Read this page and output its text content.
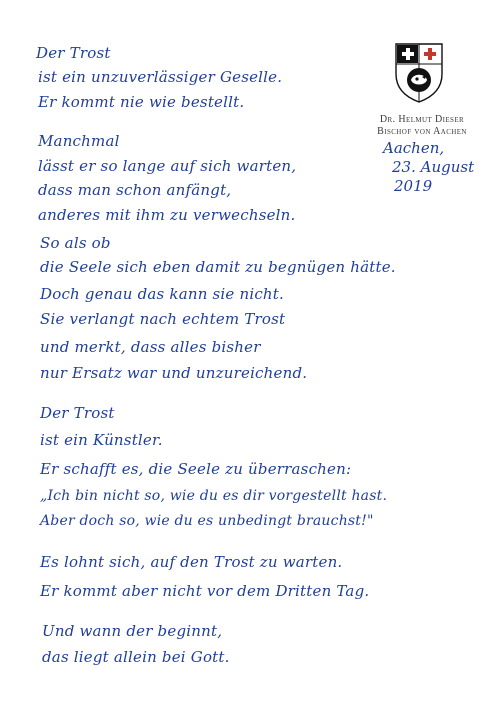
Dr. Helmut Dieser
Bischof von Aachen
Aachen,
23. August
2019
Der Trost
ist ein unzuverlässiger Geselle.
Er kommt nie wie bestellt.
Manchmal
lässt er so lange auf sich warten,
dass man schon anfängt,
anderes mit ihm zu verwechseln.
So als ob
die Seele sich eben damit zu begnügen hätte.
Doch genau das kann sie nicht.
Sie verlangt nach echtem Trost
und merkt, dass alles bisher
nur Ersatz war und unzureichend.
Der Trost
ist ein Künstler.
Er schafft es, die Seele zu überraschen:
„Ich bin nicht so, wie du es dir vorgestellt hast.
Aber doch so, wie du es unbedingt brauchst!"
Es lohnt sich, auf den Trost zu warten.
Er kommt aber nicht vor dem Dritten Tag.
Und wann der beginnt,
das liegt allein bei Gott.
